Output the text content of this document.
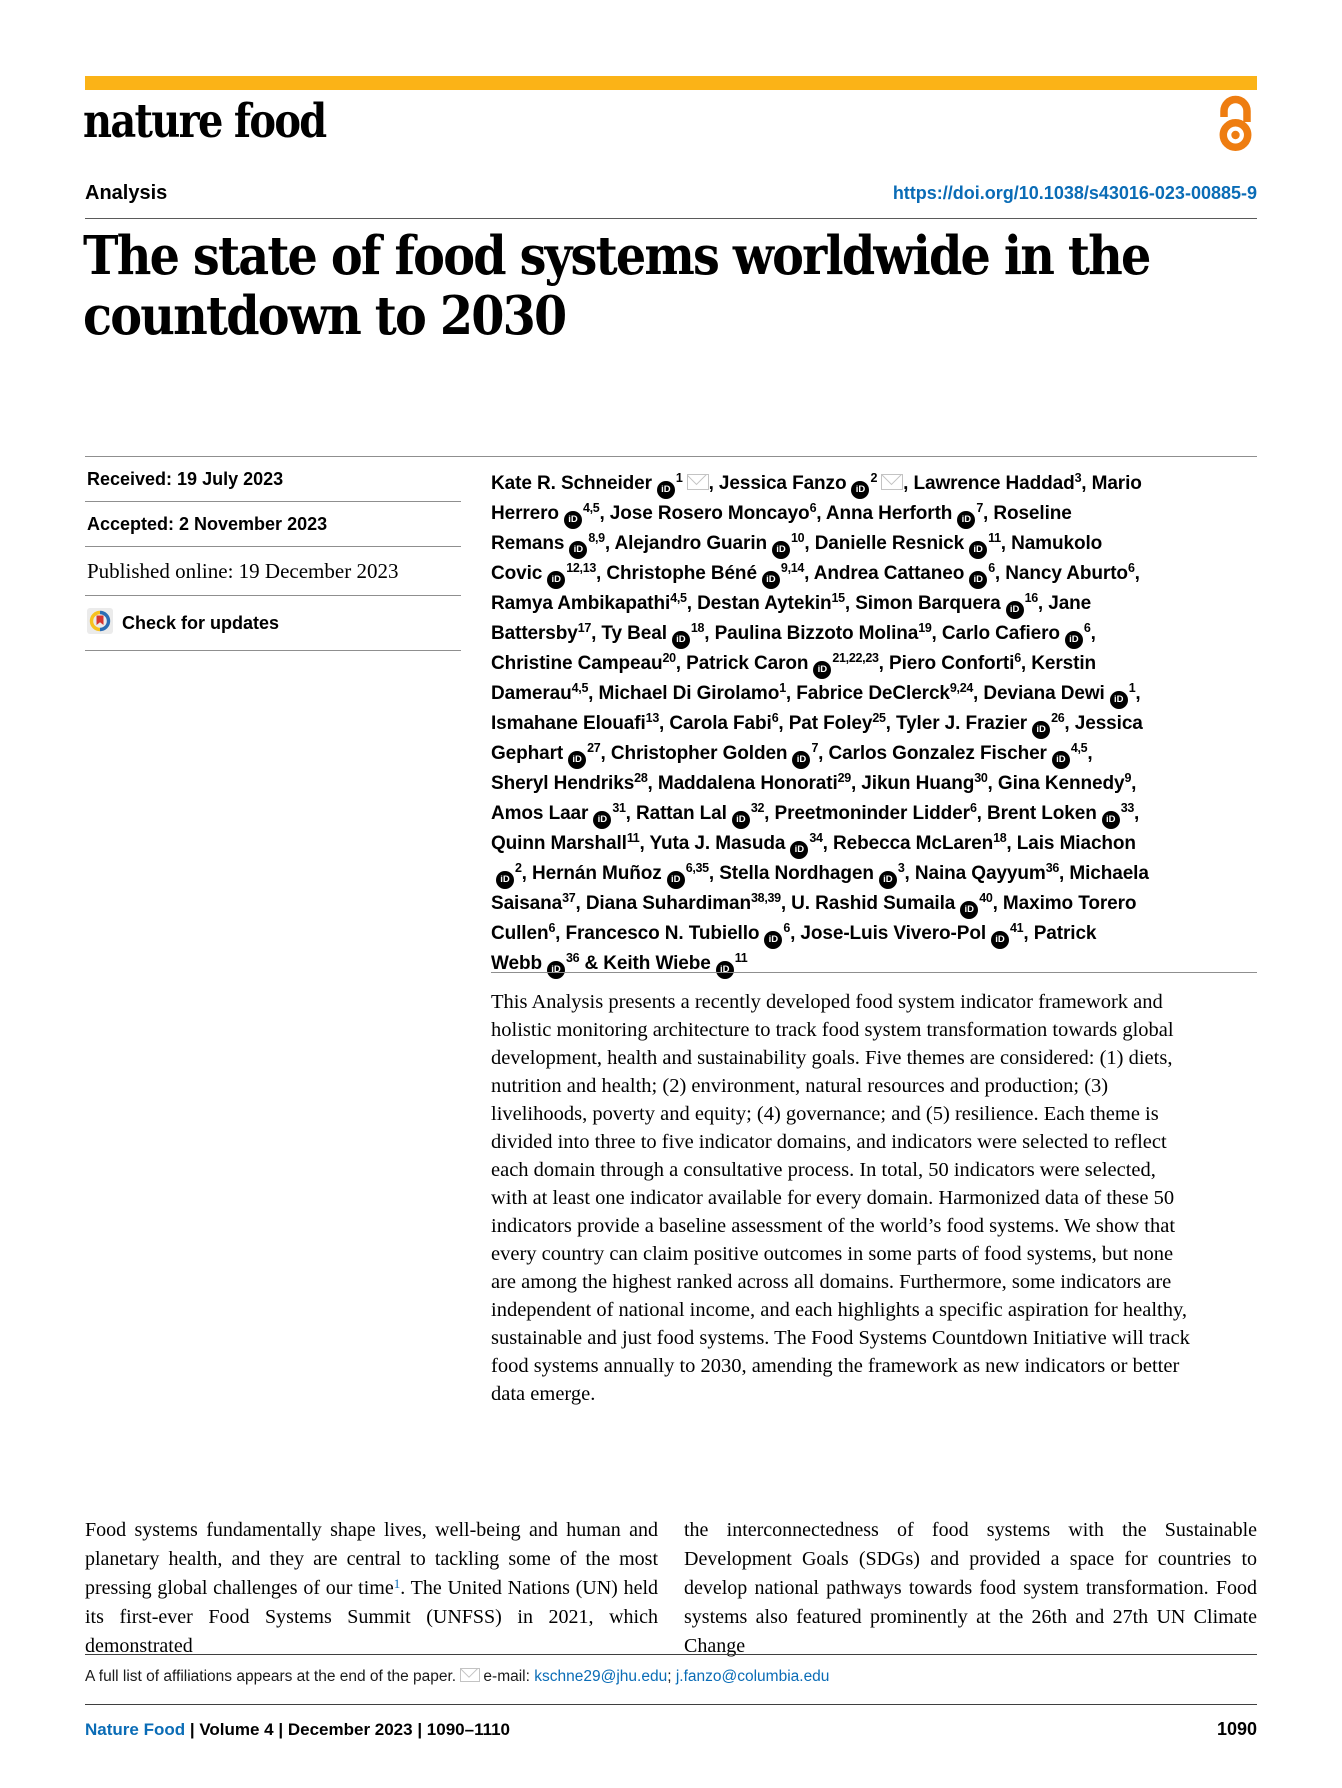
nature food
Analysis	https://doi.org/10.1038/s43016-023-00885-9
The state of food systems worldwide in the
countdown to 2030
Received: 19 July 2023
Accepted: 2 November 2023
Published online: 19 December 2023
Check for updates
Kate R. Schneider $iD^1$ , Jessica Fanzo $iD^2$ , Lawrence Haddad$^3$, Mario Herrero iD$^{4,5}$, Jose Rosero Moncayo$^6$, Anna Herforth $iD^7$, Roseline Remans iD$^{8,9}$, Alejandro Guarin $iD^{10}$, Danielle Resnick $iD^{11}$, Namukolo Covic iD$^{12,13}$, Christophe Béné iD$^{9,14}$, Andrea Cattaneo $iD^6$, Nancy Aburto$^6$, Ramya Ambikapathi$^{4,5}$, Destan Aytekin$^{15}$, Simon Barquera $iD^{16}$, Jane Battersby$^{17}$, Ty Beal $iD^{18}$, Paulina Bizzoto Molina$^{19}$, Carlo Cafiero $iD^6$, Christine Campeau$^{20}$, Patrick Caron iD$^{21,22,23}$, Piero Conforti$^6$, Kerstin Damerau$^{4,5}$, Michael Di Girolamo$^1$, Fabrice DeClerck$^{9,24}$, Deviana Dewi $iD^1$, Ismahane Elouafi$^{13}$, Carola Fabi$^6$, Pat Foley$^{25}$, Tyler J. Frazier $iD^{26}$, Jessica Gephart $iD^{27}$, Christopher Golden $iD^7$, Carlos Gonzalez Fischer iD$^{4,5}$, Sheryl Hendriks$^{28}$, Maddalena Honorati$^{29}$, Jikun Huang$^{30}$, Gina Kennedy$^9$, Amos Laar $iD^{31}$, Rattan Lal $iD^{32}$, Preetmoninder Lidder$^6$, Brent Loken $iD^{33}$, Quinn Marshall$^{11}$, Yuta J. Masuda $iD^{34}$, Rebecca McLaren$^{18}$, Lais MiachoniD$^2$, Hernán Muñoz iD$^{6,35}$, Stella Nordhagen $iD^3$, Naina Qayyum$^{36}$, Michaela Saisana$^{37}$, Diana Suhardiman$^{38,39}$, U. Rashid Sumaila $iD^{40}$, Maximo Torero Cullen$^6$, Francesco N. Tubiello $iD^6$, Jose-Luis Vivero-Pol $iD^{41}$, Patrick Webb $iD^{36}$ & Keith Wiebe $iD^{11}$
This Analysis presents a recently developed food system indicator framework and holistic monitoring architecture to track food system transformation towards global development, health and sustainability goals. Five themes are considered: (1) diets, nutrition and health; (2) environment, natural resources and production; (3) livelihoods, poverty and equity; (4) governance; and (5) resilience. Each theme is divided into three to five indicator domains, and indicators were selected to reflect each domain through a consultative process. In total, 50 indicators were selected, with at least one indicator available for every domain. Harmonized data of these 50 indicators provide a baseline assessment of the world’s food systems. We show that every country can claim positive outcomes in some parts of food systems, but none are among the highest ranked across all domains. Furthermore, some indicators are independent of national income, and each highlights a specific aspiration for healthy, sustainable and just food systems. The Food Systems Countdown Initiative will track food systems annually to 2030, amending the framework as new indicators or better data emerge.

Food systems fundamentally shape lives, well-being and human and planetary health, and they are central to tackling some of the most pressing global challenges of our time$^1$. The United Nations (UN) held its first-ever Food Systems Summit (UNFSS) in 2021, which demonstrated

the interconnectedness of food systems with the Sustainable Development Goals (SDGs) and provided a space for countries to develop national pathways towards food system transformation. Food systems also featured prominently at the 26th and 27th UN Climate Change

A full list of affiliations appears at the end of the paper. e-mail: kschne29@jhu.edu; j.fanzo@columbia.edu
Nature Food | Volume 4 | December 2023 | 1090–1110	1090
